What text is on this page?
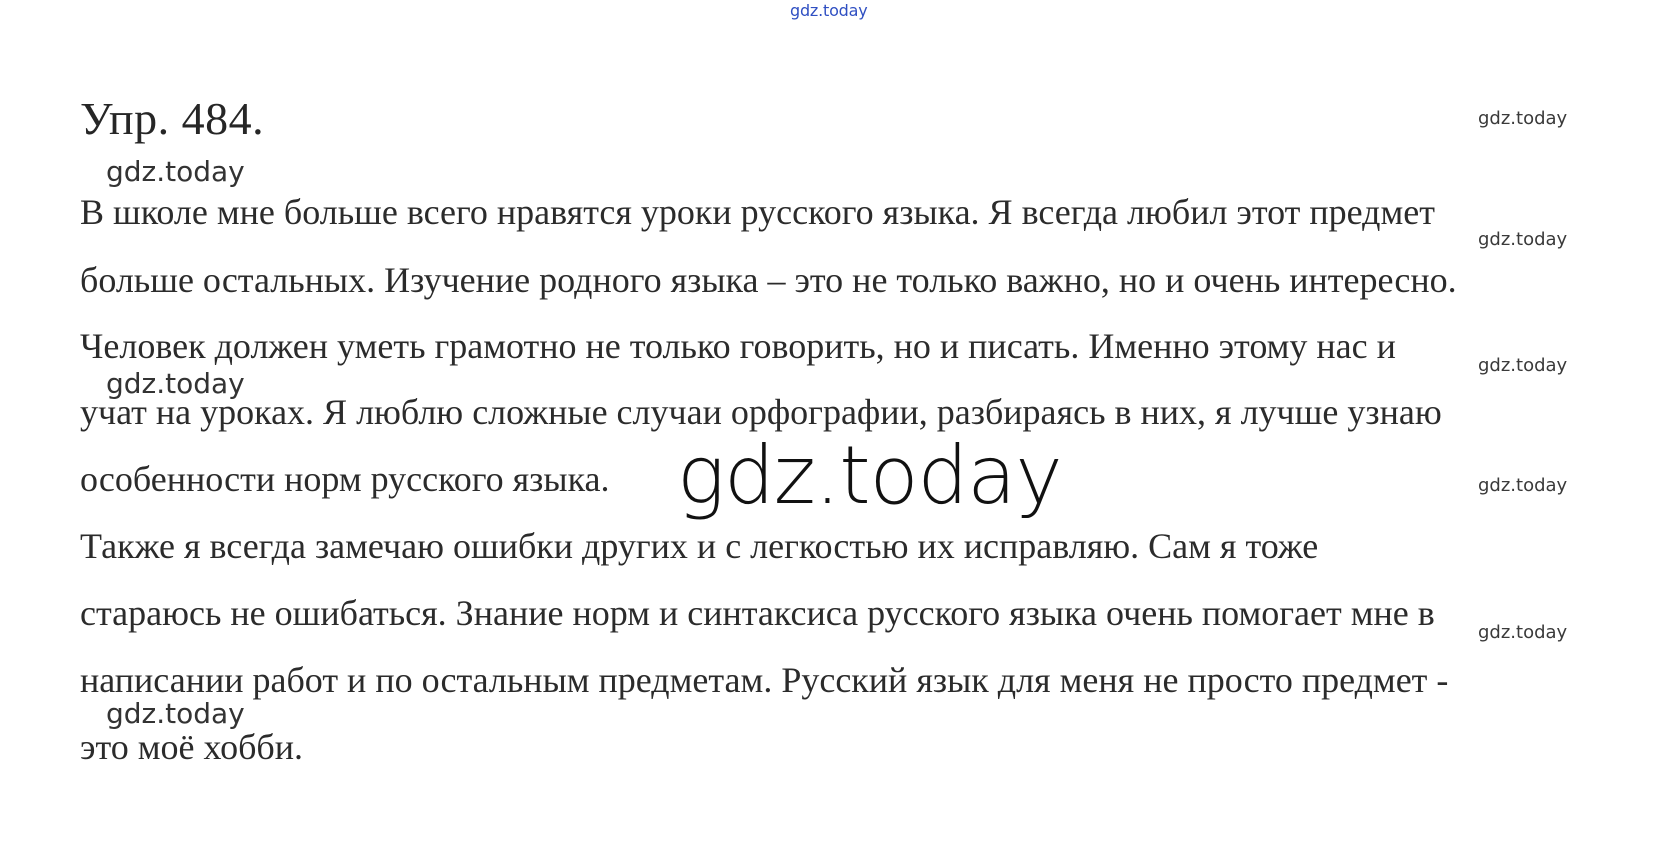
gdz.today
Упр. 484.	gdz.today
gdz.today
В школе мне больше всего нравятся уроки русского языка. Я всегда любил этот предмет
gdz.today
больше остальных. Изучение родного языка – это не только важно, но и очень интересно.
Человек должен уметь грамотно не только говорить, но и писать. Именно этому нас и	gdz.today
gdz.today
учат на уроках. Я люблю сложные случаи орфографии, разбираясь в них, я лучше узнаю
особенности норм русского языка. gdz.today	gdz.today
Также я всегда замечаю ошибки других и с легкостью их исправляю. Сам я тоже
стараюсь не ошибаться. Знание норм и синтаксиса русского языка очень помогает мне в gdz.today
написании работ и по остальным предметам. Русский язык для меня не просто предмет -
gdz.today
это моё хобби.
